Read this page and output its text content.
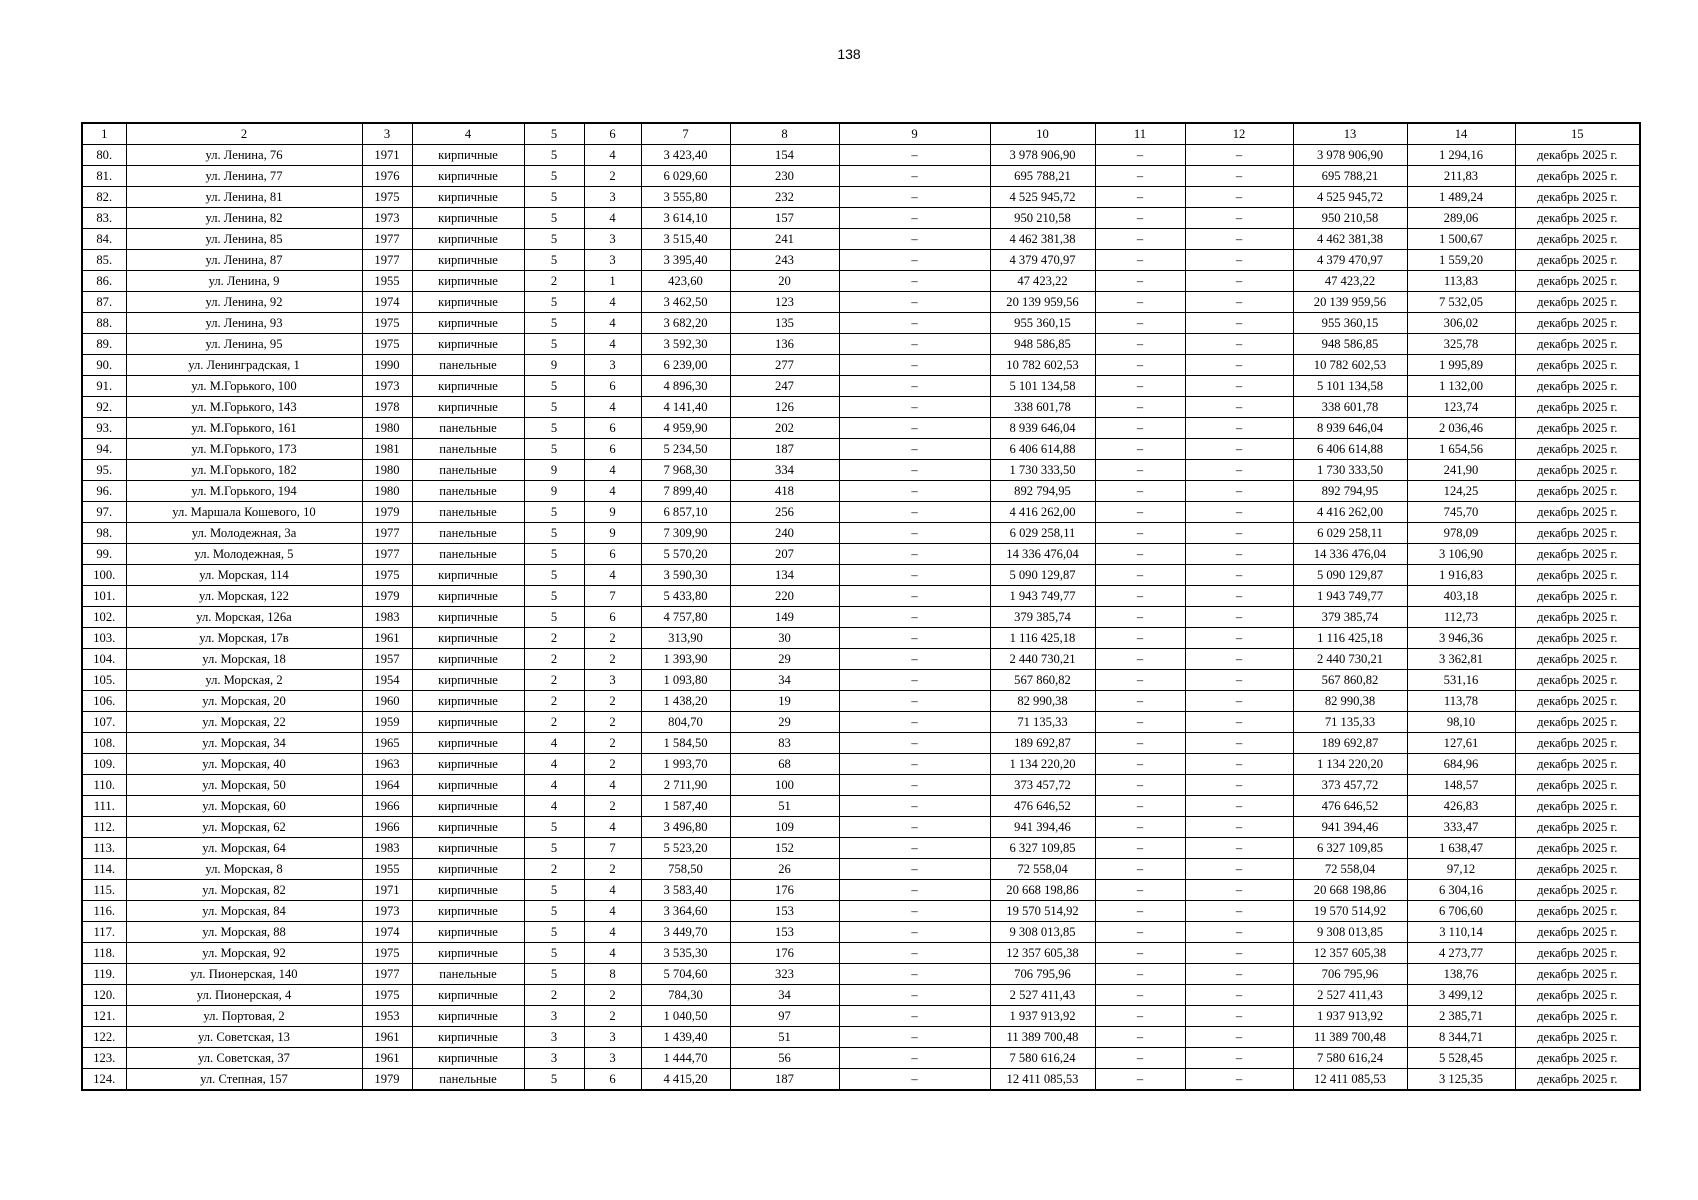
138
1	2	3	4	5	6	7	8	9	10	11	12	13	14	15
80.	ул. Ленина, 76	1971	кирпичные	5	4	3 423,40	154	–	3 978 906,90	–	–	3 978 906,90	1 294,16	декабрь 2025 г.
81.	ул. Ленина, 77	1976	кирпичные	5	2	6 029,60	230	–	695 788,21	–	–	695 788,21	211,83	декабрь 2025 г.
82.	ул. Ленина, 81	1975	кирпичные	5	3	3 555,80	232	–	4 525 945,72	–	–	4 525 945,72	1 489,24	декабрь 2025 г.
83.	ул. Ленина, 82	1973	кирпичные	5	4	3 614,10	157	–	950 210,58	–	–	950 210,58	289,06	декабрь 2025 г.
84.	ул. Ленина, 85	1977	кирпичные	5	3	3 515,40	241	–	4 462 381,38	–	–	4 462 381,38	1 500,67	декабрь 2025 г.
85.	ул. Ленина, 87	1977	кирпичные	5	3	3 395,40	243	–	4 379 470,97	–	–	4 379 470,97	1 559,20	декабрь 2025 г.
86.	ул. Ленина, 9	1955	кирпичные	2	1	423,60	20	–	47 423,22	–	–	47 423,22	113,83	декабрь 2025 г.
87.	ул. Ленина, 92	1974	кирпичные	5	4	3 462,50	123	–	20 139 959,56	–	–	20 139 959,56	7 532,05	декабрь 2025 г.
88.	ул. Ленина, 93	1975	кирпичные	5	4	3 682,20	135	–	955 360,15	–	–	955 360,15	306,02	декабрь 2025 г.
89.	ул. Ленина, 95	1975	кирпичные	5	4	3 592,30	136	–	948 586,85	–	–	948 586,85	325,78	декабрь 2025 г.
90.	ул. Ленинградская, 1	1990	панельные	9	3	6 239,00	277	–	10 782 602,53	–	–	10 782 602,53	1 995,89	декабрь 2025 г.
91.	ул. М.Горького, 100	1973	кирпичные	5	6	4 896,30	247	–	5 101 134,58	–	–	5 101 134,58	1 132,00	декабрь 2025 г.
92.	ул. М.Горького, 143	1978	кирпичные	5	4	4 141,40	126	–	338 601,78	–	–	338 601,78	123,74	декабрь 2025 г.
93.	ул. М.Горького, 161	1980	панельные	5	6	4 959,90	202	–	8 939 646,04	–	–	8 939 646,04	2 036,46	декабрь 2025 г.
94.	ул. М.Горького, 173	1981	панельные	5	6	5 234,50	187	–	6 406 614,88	–	–	6 406 614,88	1 654,56	декабрь 2025 г.
95.	ул. М.Горького, 182	1980	панельные	9	4	7 968,30	334	–	1 730 333,50	–	–	1 730 333,50	241,90	декабрь 2025 г.
96.	ул. М.Горького, 194	1980	панельные	9	4	7 899,40	418	–	892 794,95	–	–	892 794,95	124,25	декабрь 2025 г.
97.	ул. Маршала Кошевого, 10	1979	панельные	5	9	6 857,10	256	–	4 416 262,00	–	–	4 416 262,00	745,70	декабрь 2025 г.
98.	ул. Молодежная, 3а	1977	панельные	5	9	7 309,90	240	–	6 029 258,11	–	–	6 029 258,11	978,09	декабрь 2025 г.
99.	ул. Молодежная, 5	1977	панельные	5	6	5 570,20	207	–	14 336 476,04	–	–	14 336 476,04	3 106,90	декабрь 2025 г.
100.	ул. Морская, 114	1975	кирпичные	5	4	3 590,30	134	–	5 090 129,87	–	–	5 090 129,87	1 916,83	декабрь 2025 г.
101.	ул. Морская, 122	1979	кирпичные	5	7	5 433,80	220	–	1 943 749,77	–	–	1 943 749,77	403,18	декабрь 2025 г.
102.	ул. Морская, 126а	1983	кирпичные	5	6	4 757,80	149	–	379 385,74	–	–	379 385,74	112,73	декабрь 2025 г.
103.	ул. Морская, 17в	1961	кирпичные	2	2	313,90	30	–	1 116 425,18	–	–	1 116 425,18	3 946,36	декабрь 2025 г.
104.	ул. Морская, 18	1957	кирпичные	2	2	1 393,90	29	–	2 440 730,21	–	–	2 440 730,21	3 362,81	декабрь 2025 г.
105.	ул. Морская, 2	1954	кирпичные	2	3	1 093,80	34	–	567 860,82	–	–	567 860,82	531,16	декабрь 2025 г.
106.	ул. Морская, 20	1960	кирпичные	2	2	1 438,20	19	–	82 990,38	–	–	82 990,38	113,78	декабрь 2025 г.
107.	ул. Морская, 22	1959	кирпичные	2	2	804,70	29	–	71 135,33	–	–	71 135,33	98,10	декабрь 2025 г.
108.	ул. Морская, 34	1965	кирпичные	4	2	1 584,50	83	–	189 692,87	–	–	189 692,87	127,61	декабрь 2025 г.
109.	ул. Морская, 40	1963	кирпичные	4	2	1 993,70	68	–	1 134 220,20	–	–	1 134 220,20	684,96	декабрь 2025 г.
110.	ул. Морская, 50	1964	кирпичные	4	4	2 711,90	100	–	373 457,72	–	–	373 457,72	148,57	декабрь 2025 г.
111.	ул. Морская, 60	1966	кирпичные	4	2	1 587,40	51	–	476 646,52	–	–	476 646,52	426,83	декабрь 2025 г.
112.	ул. Морская, 62	1966	кирпичные	5	4	3 496,80	109	–	941 394,46	–	–	941 394,46	333,47	декабрь 2025 г.
113.	ул. Морская, 64	1983	кирпичные	5	7	5 523,20	152	–	6 327 109,85	–	–	6 327 109,85	1 638,47	декабрь 2025 г.
114.	ул. Морская, 8	1955	кирпичные	2	2	758,50	26	–	72 558,04	–	–	72 558,04	97,12	декабрь 2025 г.
115.	ул. Морская, 82	1971	кирпичные	5	4	3 583,40	176	–	20 668 198,86	–	–	20 668 198,86	6 304,16	декабрь 2025 г.
116.	ул. Морская, 84	1973	кирпичные	5	4	3 364,60	153	–	19 570 514,92	–	–	19 570 514,92	6 706,60	декабрь 2025 г.
117.	ул. Морская, 88	1974	кирпичные	5	4	3 449,70	153	–	9 308 013,85	–	–	9 308 013,85	3 110,14	декабрь 2025 г.
118.	ул. Морская, 92	1975	кирпичные	5	4	3 535,30	176	–	12 357 605,38	–	–	12 357 605,38	4 273,77	декабрь 2025 г.
119.	ул. Пионерская, 140	1977	панельные	5	8	5 704,60	323	–	706 795,96	–	–	706 795,96	138,76	декабрь 2025 г.
120.	ул. Пионерская, 4	1975	кирпичные	2	2	784,30	34	–	2 527 411,43	–	–	2 527 411,43	3 499,12	декабрь 2025 г.
121.	ул. Портовая, 2	1953	кирпичные	3	2	1 040,50	97	–	1 937 913,92	–	–	1 937 913,92	2 385,71	декабрь 2025 г.
122.	ул. Советская, 13	1961	кирпичные	3	3	1 439,40	51	–	11 389 700,48	–	–	11 389 700,48	8 344,71	декабрь 2025 г.
123.	ул. Советская, 37	1961	кирпичные	3	3	1 444,70	56	–	7 580 616,24	–	–	7 580 616,24	5 528,45	декабрь 2025 г.
124.	ул. Степная, 157	1979	панельные	5	6	4 415,20	187	–	12 411 085,53	–	–	12 411 085,53	3 125,35	декабрь 2025 г.
